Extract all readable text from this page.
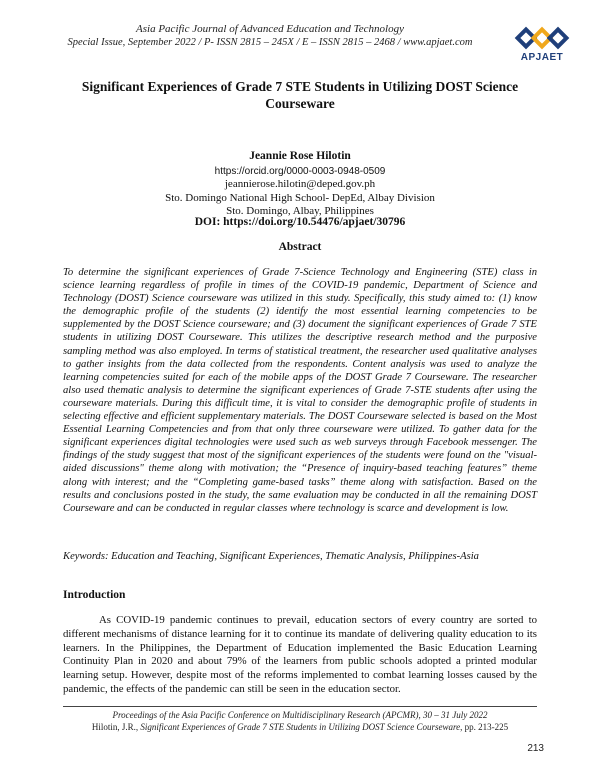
Asia Pacific Journal of Advanced Education and Technology
Special Issue, September 2022 / P- ISSN 2815 – 245X / E – ISSN 2815 – 2468 / www.apjaet.com
APJAET
Significant Experiences of Grade 7 STE Students in Utilizing DOST Science Courseware
Jeannie Rose Hilotin
https://orcid.org/0000-0003-0948-0509
jeannierose.hilotin@deped.gov.ph
Sto. Domingo National High School- DepEd, Albay Division
Sto. Domingo, Albay, Philippines
DOI: https://doi.org/10.54476/apjaet/30796
Abstract

To determine the significant experiences of Grade 7-Science Technology and Engineering (STE) class in science learning regardless of profile in times of the COVID-19 pandemic, Department of Science and Technology (DOST) Science courseware was utilized in this study. Specifically, this study aimed to: (1) know the demographic profile of the students (2) identify the most essential learning competencies to be supplemented by the DOST Science courseware; and (3) document the significant experiences of Grade 7 STE students in utilizing DOST Courseware. This utilizes the descriptive research method and the purposive sampling method was also employed. In terms of statistical treatment, the researcher used qualitative analyses to gather insights from the data collected from the respondents. Content analysis was used to analyze the learning competencies suited for each of the mobile apps of the DOST Grade 7 Courseware. The researcher also used thematic analysis to determine the significant experiences of Grade 7-STE students after using the courseware materials. During this difficult time, it is vital to consider the demographic profile of students in selecting effective and efficient supplementary materials. The DOST Courseware selected is based on the Most Essential Learning Competencies and from that only three courseware were utilized. To gather data for the significant experiences digital technologies were used such as web surveys through Facebook messenger. The findings of the study suggest that most of the significant experiences of the students were found on the "visual-aided discussions" theme along with motivation; the “Presence of inquiry-based teaching features” theme along with interest; and the “Completing game-based tasks” theme along with satisfaction. Based on the results and conclusions posted in the study, the same evaluation may be conducted in all the remaining DOST Courseware and can be conducted in regular classes where technology is scarce and development is low.

Keywords: Education and Teaching, Significant Experiences, Thematic Analysis, Philippines-Asia
Introduction

As COVID-19 pandemic continues to prevail, education sectors of every country are sorted to different mechanisms of distance learning for it to continue its mandate of delivering quality education to its learners. In the Philippines, the Department of Education implemented the Basic Education Learning Continuity Plan in 2020 and about 79% of the learners from public schools adopted a printed modular learning setup. However, despite most of the reforms implemented to combat learning losses caused by the pandemic, the effects of the pandemic can still be seen in the education sector.

Proceedings of the Asia Pacific Conference on Multidisciplinary Research (APCMR), 30 – 31 July 2022
Hilotin, J.R., Significant Experiences of Grade 7 STE Students in Utilizing DOST Science Courseware, pp. 213-225
213
